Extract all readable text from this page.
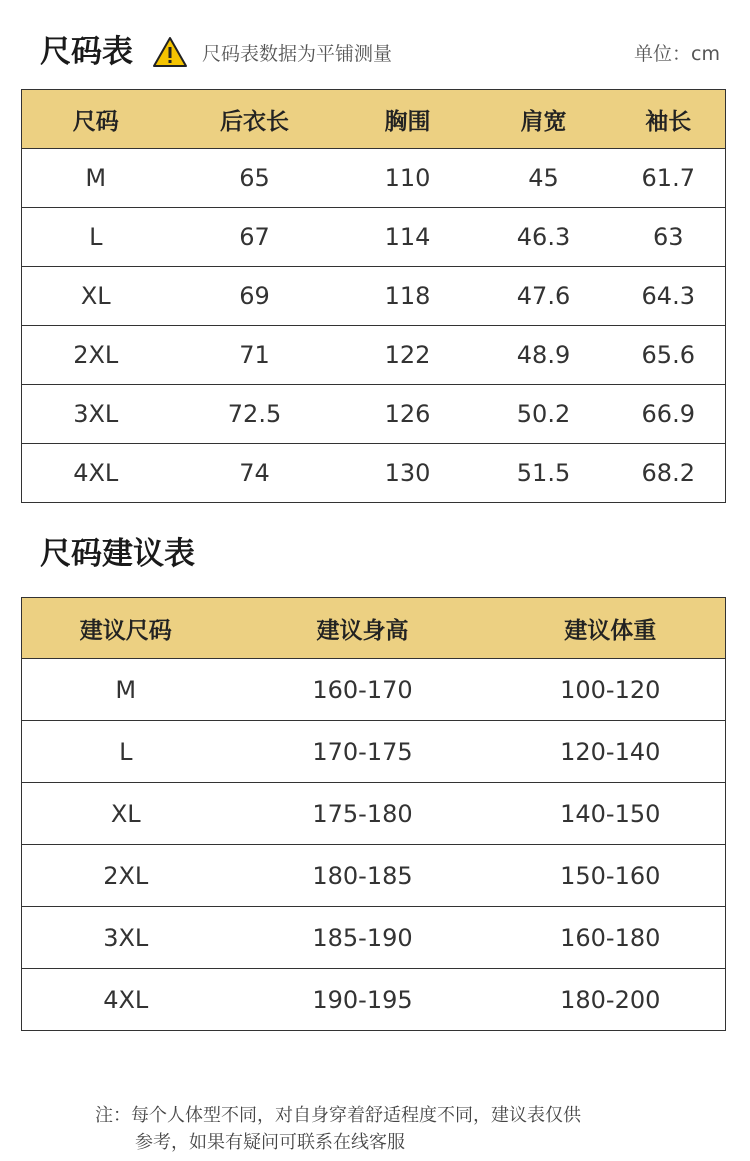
尺码表	尺码表数据为平铺测量	单位：cm
尺码	后衣长	胸围	肩宽	袖长
M	65	110	45	61.7
L	67	114	46.3	63
XL	69	118	47.6	64.3
2XL	71	122	48.9	65.6
3XL	72.5	126	50.2	66.9
4XL	74	130	51.5	68.2
尺码建议表
建议尺码	建议身高	建议体重
M	160-170	100-120
L	170-175	120-140
XL	175-180	140-150
2XL	180-185	150-160
3XL	185-190	160-180
4XL	190-195	180-200
注：每个人体型不同，对自身穿着舒适程度不同，建议表仅供
参考，如果有疑问可联系在线客服
